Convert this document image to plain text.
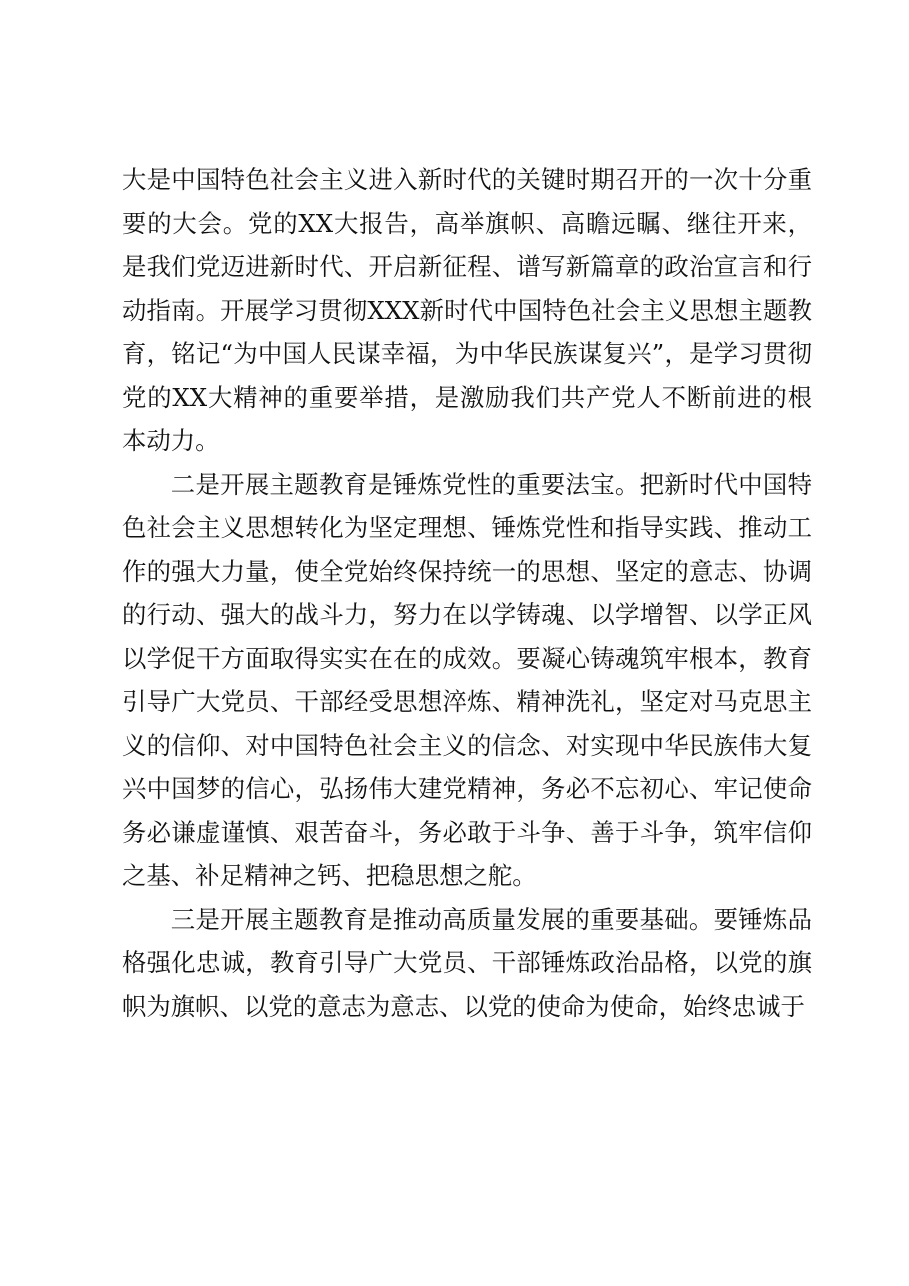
大是中国特色社会主义进入新时代的关键时期召开的一次十分重要的大会。党的XX大报告，高举旗帜、高瞻远瞩、继往开来，是我们党迈进新时代、开启新征程、谱写新篇章的政治宣言和行动指南。开展学习贯彻XXX新时代中国特色社会主义思想主题教育，铭记“为中国人民谋幸福，为中华民族谋复兴”，是学习贯彻党的XX大精神的重要举措，是激励我们共产党人不断前进的根本动力。

二是开展主题教育是锤炼党性的重要法宝。把新时代中国特色社会主义思想转化为坚定理想、锤炼党性和指导实践、推动工作的强大力量，使全党始终保持统一的思想、坚定的意志、协调的行动、强大的战斗力，努力在以学铸魂、以学增智、以学正风以学促干方面取得实实在在的成效。要凝心铸魂筑牢根本，教育引导广大党员、干部经受思想淬炼、精神洗礼，坚定对马克思主义的信仰、对中国特色社会主义的信念、对实现中华民族伟大复兴中国梦的信心，弘扬伟大建党精神，务必不忘初心、牢记使命务必谦虚谨慎、艰苦奋斗，务必敢于斗争、善于斗争，筑牢信仰之基、补足精神之钙、把稳思想之舵。

三是开展主题教育是推动高质量发展的重要基础。要锤炼品格强化忠诚，教育引导广大党员、干部锤炼政治品格，以党的旗帜为旗帜、以党的意志为意志、以党的使命为使命，始终忠诚于
